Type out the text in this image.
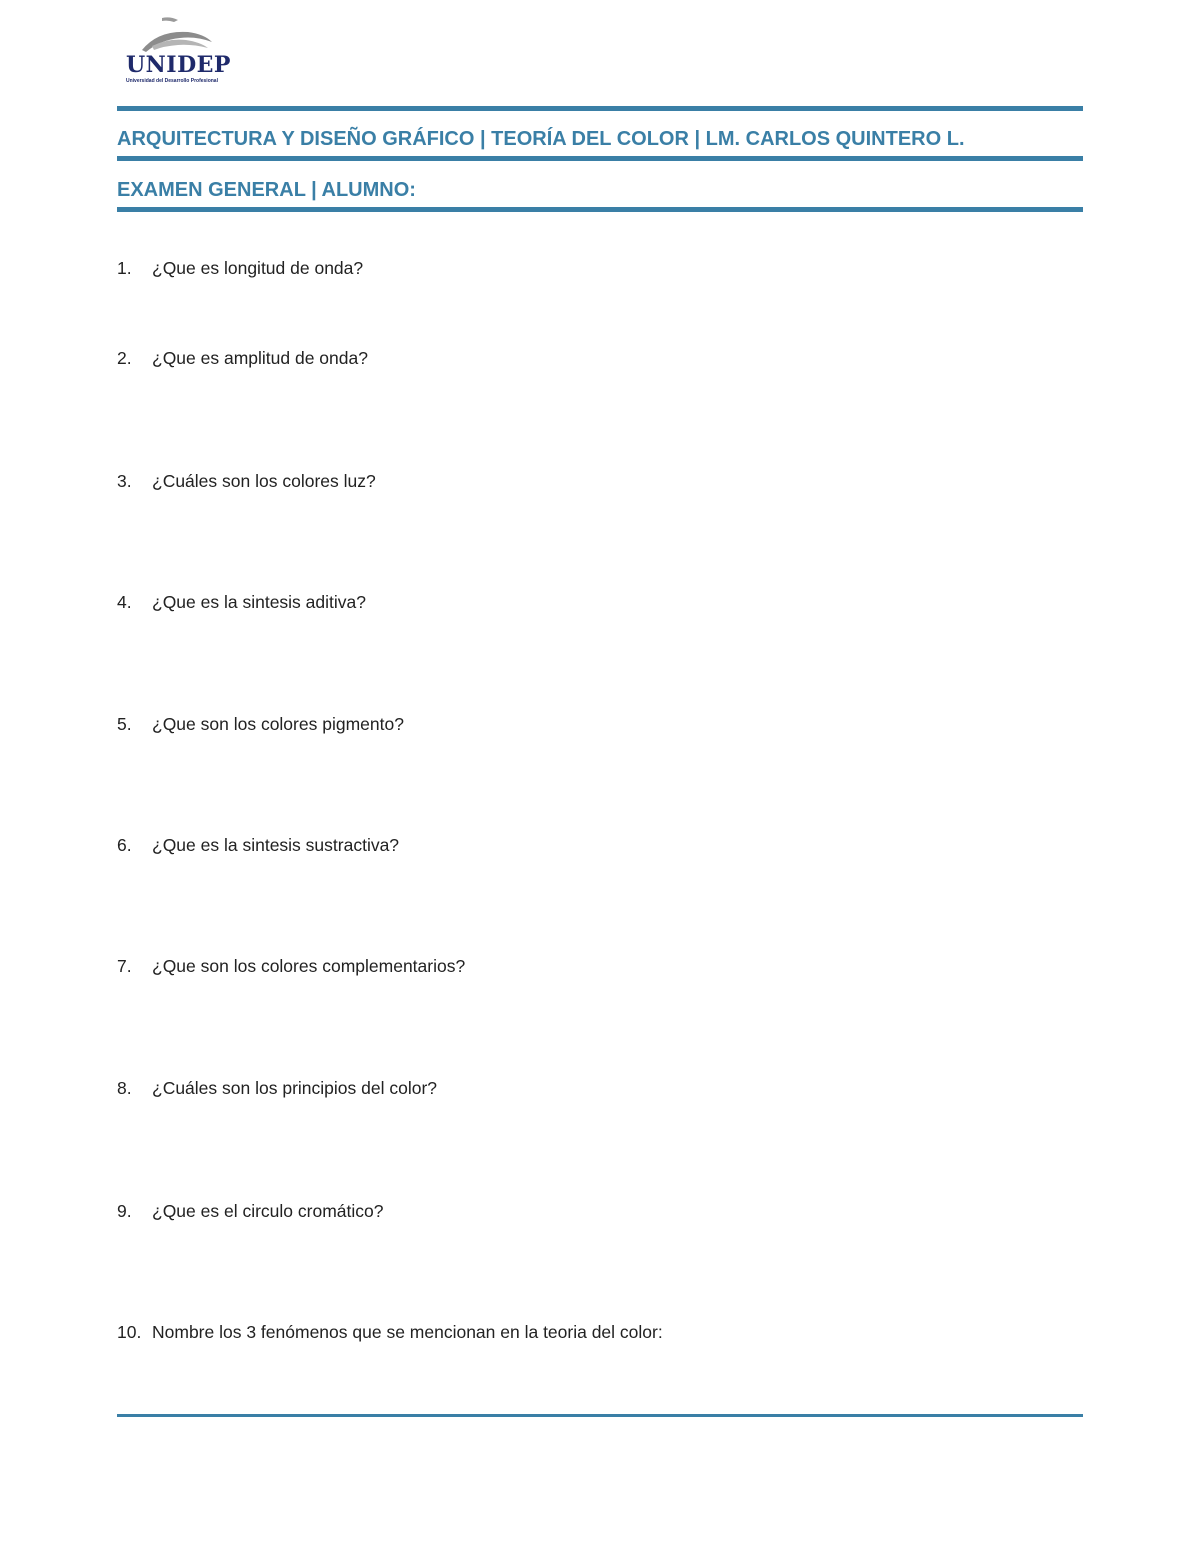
UNIDEP
Universidad del Desarrollo Profesional
ARQUITECTURA Y DISEÑO GRÁFICO | TEORÍA DEL COLOR | LM. CARLOS QUINTERO L.
EXAMEN GENERAL | ALUMNO:
1. ¿Que es longitud de onda?
2. ¿Que es amplitud de onda?
3. ¿Cuáles son los colores luz?
4. ¿Que es la sintesis aditiva?
5. ¿Que son los colores pigmento?
6. ¿Que es la sintesis sustractiva?
7. ¿Que son los colores complementarios?
8. ¿Cuáles son los principios del color?
9. ¿Que es el circulo cromático?
10. Nombre los 3 fenómenos que se mencionan en la teoria del color:
